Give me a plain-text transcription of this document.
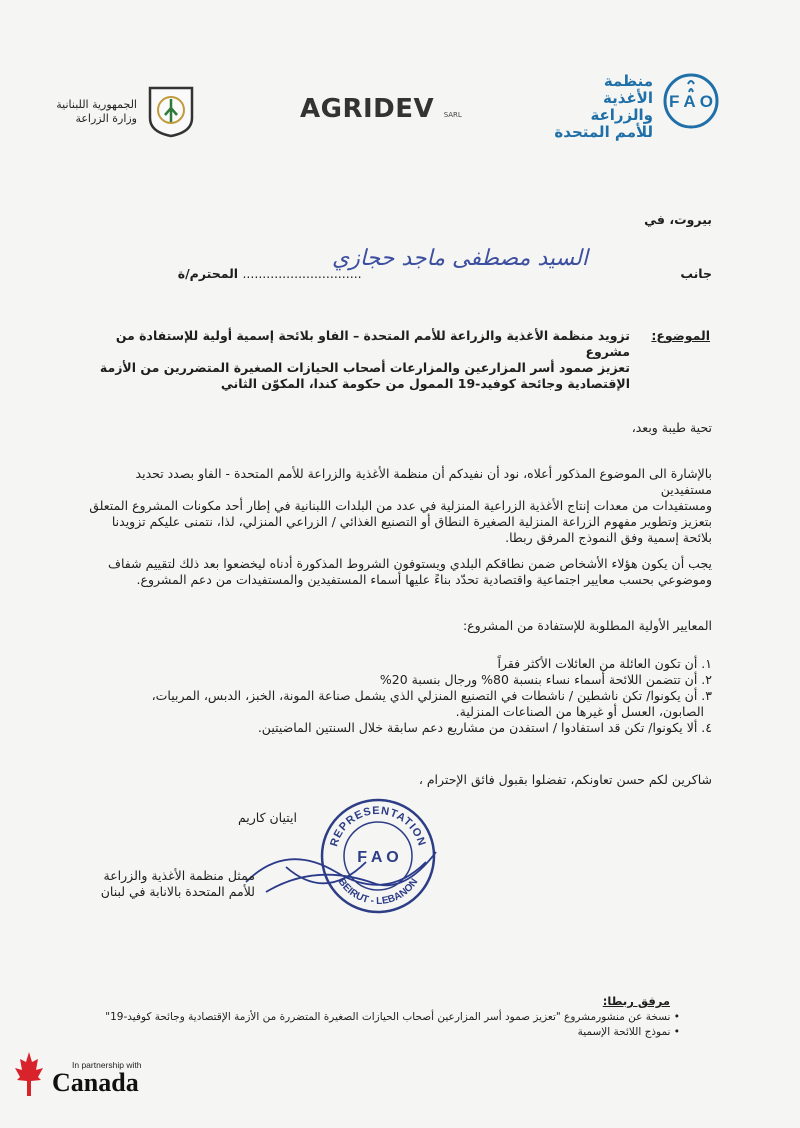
منظمة
الأغذية والزراعة
للأمم المتحدة
F A O
AGRIDEV SARL
الجمهورية اللبنانية
وزارة الزراعة
بيروت، في
جانب  .............................. المحترم/ة
السيد مصطفى ماجد حجازي
الموضوع:
تزويد منظمة الأغذية والزراعة للأمم المتحدة – الفاو بلائحة إسمية أولية للإستفادة من مشروع
تعزيز صمود أسر المزارعين والمزارعات أصحاب الحيازات الصغيرة المتضررين من الأزمة
الإقتصادية وجائحة كوفيد-19 الممول من حكومة كندا، المكوّن الثاني
تحية طيبة وبعد،
بالإشارة الى الموضوع المذكور أعلاه، نود أن نفيدكم أن منظمة الأغذية والزراعة للأمم المتحدة - الفاو بصدد تحديد مستفيدين
ومستفيدات من معدات إنتاج الأغذية الزراعية المنزلية في عدد من البلدات اللبنانية في إطار أحد مكونات المشروع المتعلق
بتعزيز وتطوير مفهوم الزراعة المنزلية الصغيرة النطاق أو التصنيع الغذائي / الزراعي المنزلي، لذا، نتمنى عليكم تزويدنا
بلائحة إسمية وفق النموذج المرفق ربطا.
يجب أن يكون هؤلاء الأشخاص ضمن نطاقكم البلدي ويستوفون الشروط المذكورة أدناه ليخضعوا بعد ذلك لتقييم شفاف
وموضوعي بحسب معايير اجتماعية واقتصادية تحدّد بناءً عليها أسماء المستفيدين والمستفيدات من دعم المشروع.
المعايير الأولية المطلوبة للإستفادة من المشروع:
١. أن تكون العائلة من العائلات الأكثر فقراً
٢. أن تتضمن اللائحة أسماء نساء بنسبة 80% ورجال بنسبة 20%
٣. أن يكونوا/ تكن ناشطين / ناشطات في التصنيع المنزلي الذي يشمل صناعة المونة، الخبز، الدبس، المربيات،
الصابون، العسل أو غيرها من الصناعات المنزلية.
٤. ألا يكونوا/ تكن قد استفادوا / استفدن من مشاريع دعم سابقة خلال السنتين الماضيتين.
شاكرين لكم حسن تعاونكم، تفضلوا بقبول فائق الإحترام ،
ايتيان كاريم
REPRESENTATION
BEIRUT - LEBANON
F A O
ممثل منظمة الأغذية والزراعة
للأمم المتحدة بالانابة في لبنان
مرفق ربطا:
• نسخة عن منشورمشروع "تعزيز صمود أسر المزارعين أصحاب الحيازات الصغيرة المتضررة من الأزمة الإقتصادية وجائحة كوفيد-19"
• نموذج اللائحة الإسمية
In partnership with
Canada
